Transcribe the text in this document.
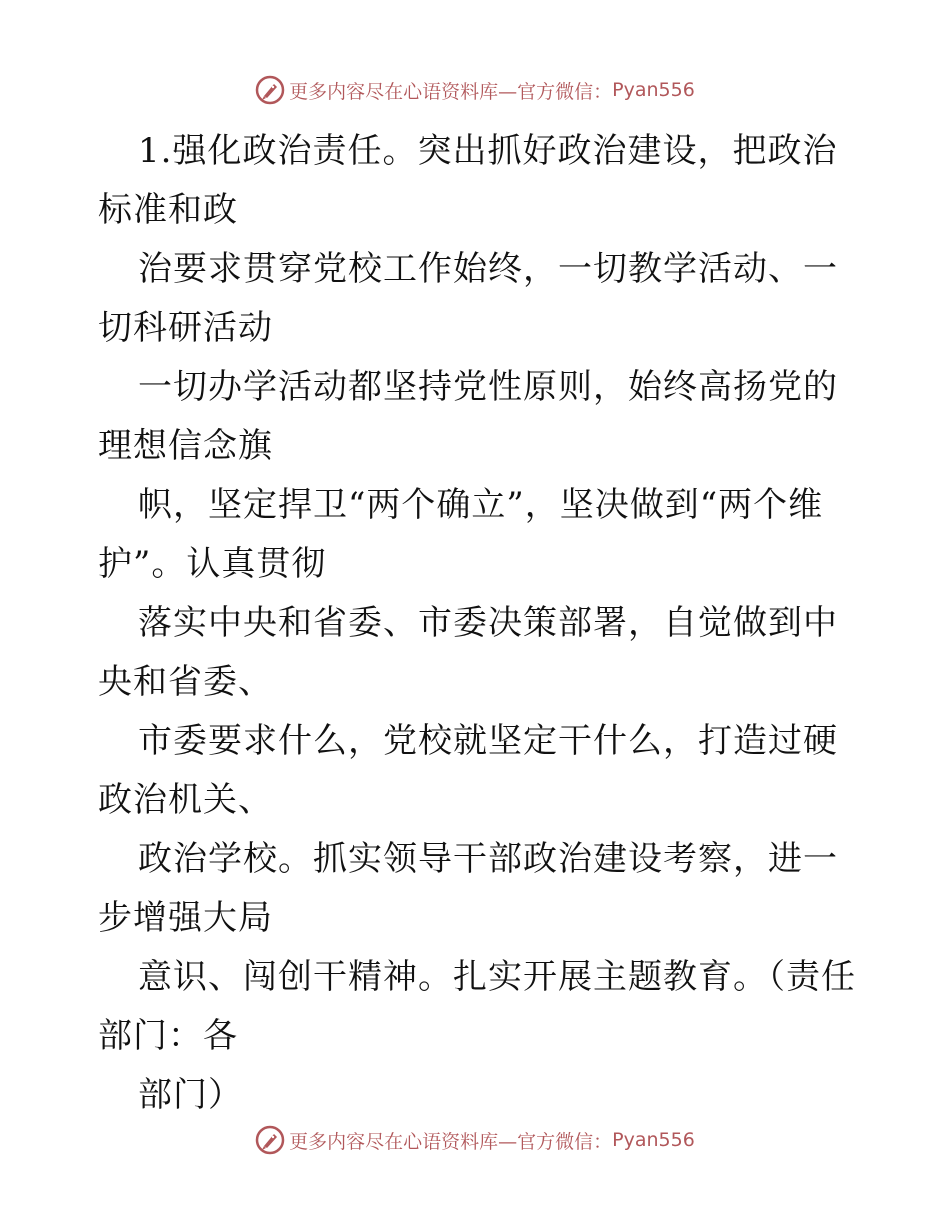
更多内容尽在心语资料库—官方微信： Pyan556

1.强化政治责任。突出抓好政治建设，把政治标准和政

治要求贯穿党校工作始终，一切教学活动、一切科研活动

一切办学活动都坚持党性原则，始终高扬党的理想信念旗

帜，坚定捍卫“两个确立”，坚决做到“两个维护”。认真贯彻

落实中央和省委、市委决策部署，自觉做到中央和省委、

市委要求什么，党校就坚定干什么，打造过硬政治机关、

政治学校。抓实领导干部政治建设考察，进一步增强大局

意识、闯创干精神。扎实开展主题教育。（责任部门：各

部门）

更多内容尽在心语资料库—官方微信： Pyan556
